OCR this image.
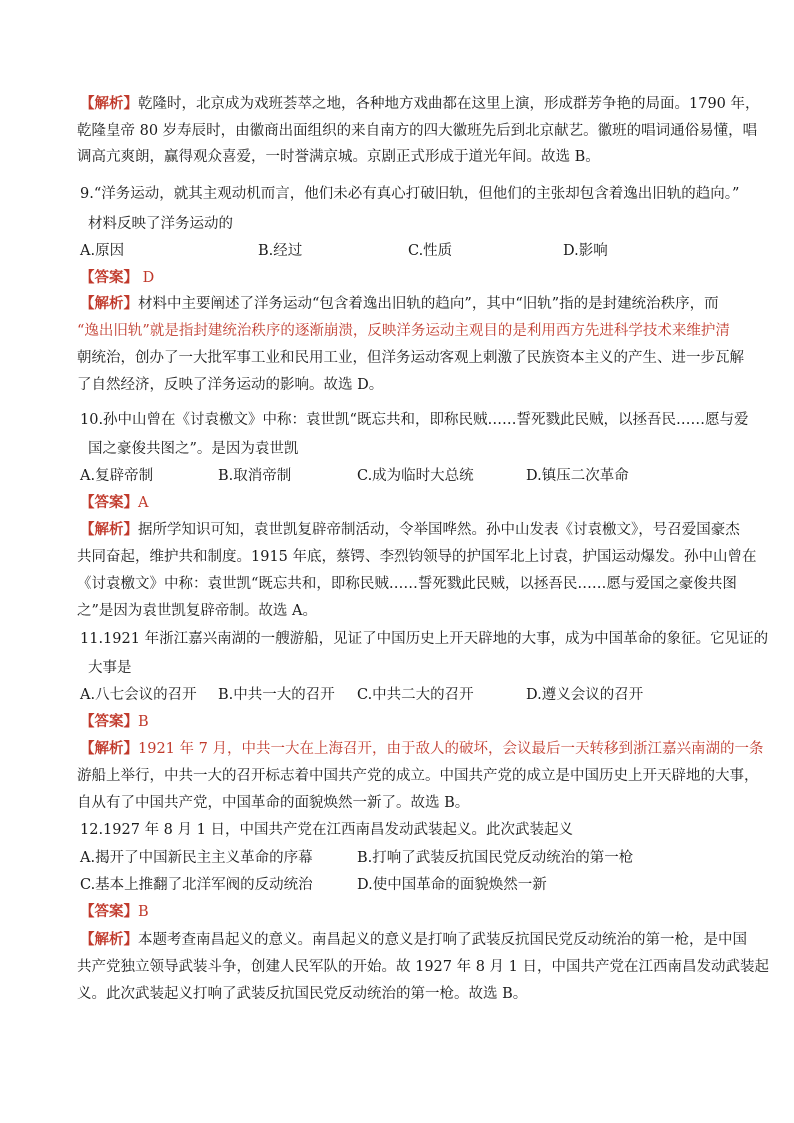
【解析】乾隆时，北京成为戏班荟萃之地，各种地方戏曲都在这里上演，形成群芳争艳的局面。1790 年，
乾隆皇帝 80 岁寿辰时，由徽商出面组织的来自南方的四大徽班先后到北京献艺。徽班的唱词通俗易懂，唱
调高亢爽朗，赢得观众喜爱，一时誉满京城。京剧正式形成于道光年间。故选 B。
9.“洋务运动，就其主观动机而言，他们未必有真心打破旧轨，但他们的主张却包含着逸出旧轨的趋向。”
材料反映了洋务运动的
A.原因	B.经过	C.性质	D.影响
【答案】 D
【解析】材料中主要阐述了洋务运动“包含着逸出旧轨的趋向”，其中“旧轨”指的是封建统治秩序，而
“逸出旧轨”就是指封建统治秩序的逐渐崩溃，反映洋务运动主观目的是利用西方先进科学技术来维护清
朝统治，创办了一大批军事工业和民用工业，但洋务运动客观上刺激了民族资本主义的产生、进一步瓦解
了自然经济，反映了洋务运动的影响。故选 D。
10.孙中山曾在《讨袁檄文》中称：袁世凯“既忘共和，即称民贼……誓死戮此民贼，以拯吾民……愿与爱
国之豪俊共图之”。是因为袁世凯
A.复辟帝制	B.取消帝制	C.成为临时大总统	D.镇压二次革命
【答案】A
【解析】据所学知识可知，袁世凯复辟帝制活动，令举国哗然。孙中山发表《讨袁檄文》，号召爱国豪杰
共同奋起，维护共和制度。1915 年底，蔡锷、李烈钧领导的护国军北上讨袁，护国运动爆发。孙中山曾在
《讨袁檄文》中称：袁世凯“既忘共和，即称民贼……誓死戮此民贼，以拯吾民……愿与爱国之豪俊共图
之”是因为袁世凯复辟帝制。故选 A。
11.1921 年浙江嘉兴南湖的一艘游船，见证了中国历史上开天辟地的大事，成为中国革命的象征。它见证的
大事是
A.八七会议的召开 B.中共一大的召开 C.中共二大的召开	D.遵义会议的召开
【答案】B
【解析】1921 年 7 月，中共一大在上海召开，由于敌人的破坏，会议最后一天转移到浙江嘉兴南湖的一条
游船上举行，中共一大的召开标志着中国共产党的成立。中国共产党的成立是中国历史上开天辟地的大事，
自从有了中国共产党，中国革命的面貌焕然一新了。故选 B。
12.1927 年 8 月 1 日，中国共产党在江西南昌发动武装起义。此次武装起义
A.揭开了中国新民主主义革命的序幕	B.打响了武装反抗国民党反动统治的第一枪
C.基本上推翻了北洋军阀的反动统治	D.使中国革命的面貌焕然一新
【答案】B
【解析】本题考查南昌起义的意义。南昌起义的意义是打响了武装反抗国民党反动统治的第一枪，是中国
共产党独立领导武装斗争，创建人民军队的开始。故 1927 年 8 月 1 日，中国共产党在江西南昌发动武装起
义。此次武装起义打响了武装反抗国民党反动统治的第一枪。故选 B。
